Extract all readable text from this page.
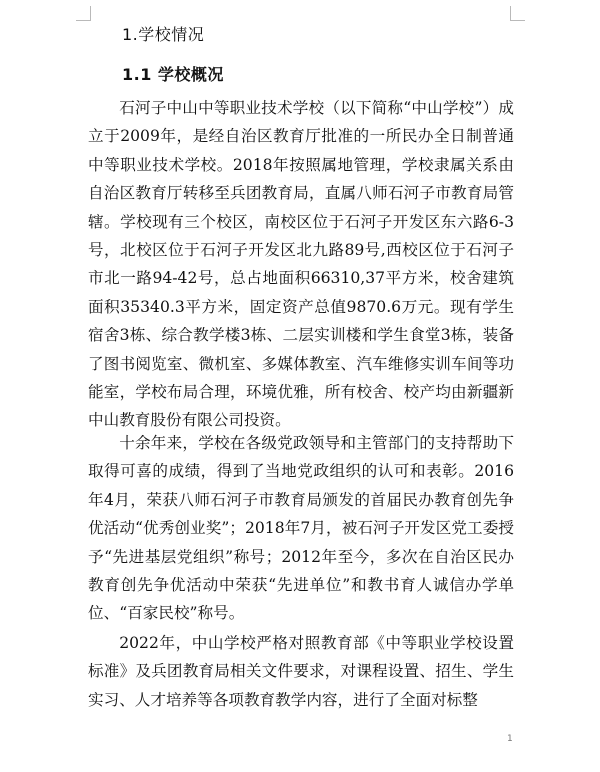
1.学校情况
1.1 学校概况

石河子中山中等职业技术学校（以下简称“中山学校”）成立于2009年，是经自治区教育厅批准的一所民办全日制普通中等职业技术学校。2018年按照属地管理，学校隶属关系由自治区教育厅转移至兵团教育局，直属八师石河子市教育局管辖。学校现有三个校区，南校区位于石河子开发区东六路6-3号，北校区位于石河子开发区北九路89号,西校区位于石河子市北一路94-42号，总占地面积66310,37平方米，校舍建筑面积35340.3平方米，固定资产总值9870.6万元。现有学生宿舍3栋、综合教学楼3栋、二层实训楼和学生食堂3栋，装备了图书阅览室、微机室、多媒体教室、汽车维修实训车间等功能室，学校布局合理，环境优雅，所有校舍、校产均由新疆新中山教育股份有限公司投资。

十余年来，学校在各级党政领导和主管部门的支持帮助下取得可喜的成绩，得到了当地党政组织的认可和表彰。2016年4月，荣获八师石河子市教育局颁发的首届民办教育创先争优活动“优秀创业奖”；2018年7月，被石河子开发区党工委授予“先进基层党组织”称号；2012年至今，多次在自治区民办教育创先争优活动中荣获“先进单位”和教书育人诚信办学单位、“百家民校”称号。

2022年，中山学校严格对照教育部《中等职业学校设置标准》及兵团教育局相关文件要求，对课程设置、招生、学生实习、人才培养等各项教育教学内容，进行了全面对标整

1
